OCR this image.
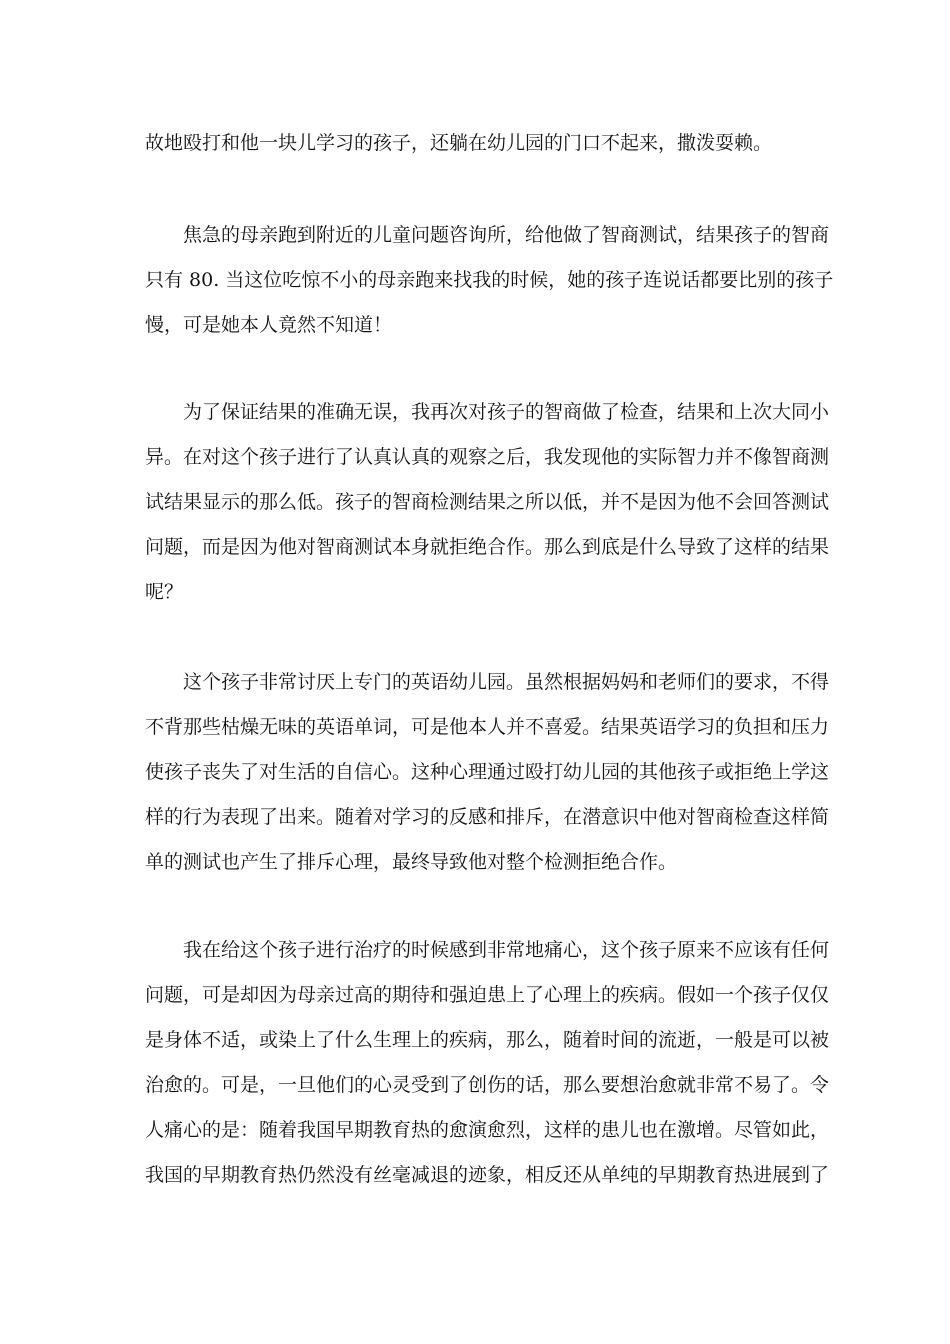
故地殴打和他一块儿学习的孩子，还躺在幼儿园的门口不起来，撒泼耍赖。
焦急的母亲跑到附近的儿童问题咨询所，给他做了智商测试，结果孩子的智商
只有 80. 当这位吃惊不小的母亲跑来找我的时候，她的孩子连说话都要比别的孩子
慢，可是她本人竟然不知道！
为了保证结果的准确无误，我再次对孩子的智商做了检查，结果和上次大同小
异。在对这个孩子进行了认真认真的观察之后，我发现他的实际智力并不像智商测
试结果显示的那么低。孩子的智商检测结果之所以低，并不是因为他不会回答测试
问题，而是因为他对智商测试本身就拒绝合作。那么到底是什么导致了这样的结果
呢？
这个孩子非常讨厌上专门的英语幼儿园。虽然根据妈妈和老师们的要求，不得
不背那些枯燥无味的英语单词，可是他本人并不喜爱。结果英语学习的负担和压力
使孩子丧失了对生活的自信心。这种心理通过殴打幼儿园的其他孩子或拒绝上学这
样的行为表现了出来。随着对学习的反感和排斥，在潜意识中他对智商检查这样简
单的测试也产生了排斥心理，最终导致他对整个检测拒绝合作。
我在给这个孩子进行治疗的时候感到非常地痛心，这个孩子原来不应该有任何
问题，可是却因为母亲过高的期待和强迫患上了心理上的疾病。假如一个孩子仅仅
是身体不适，或染上了什么生理上的疾病，那么，随着时间的流逝，一般是可以被
治愈的。可是，一旦他们的心灵受到了创伤的话，那么要想治愈就非常不易了。令
人痛心的是：随着我国早期教育热的愈演愈烈，这样的患儿也在激增。尽管如此，
我国的早期教育热仍然没有丝毫减退的迹象，相反还从单纯的早期教育热进展到了
